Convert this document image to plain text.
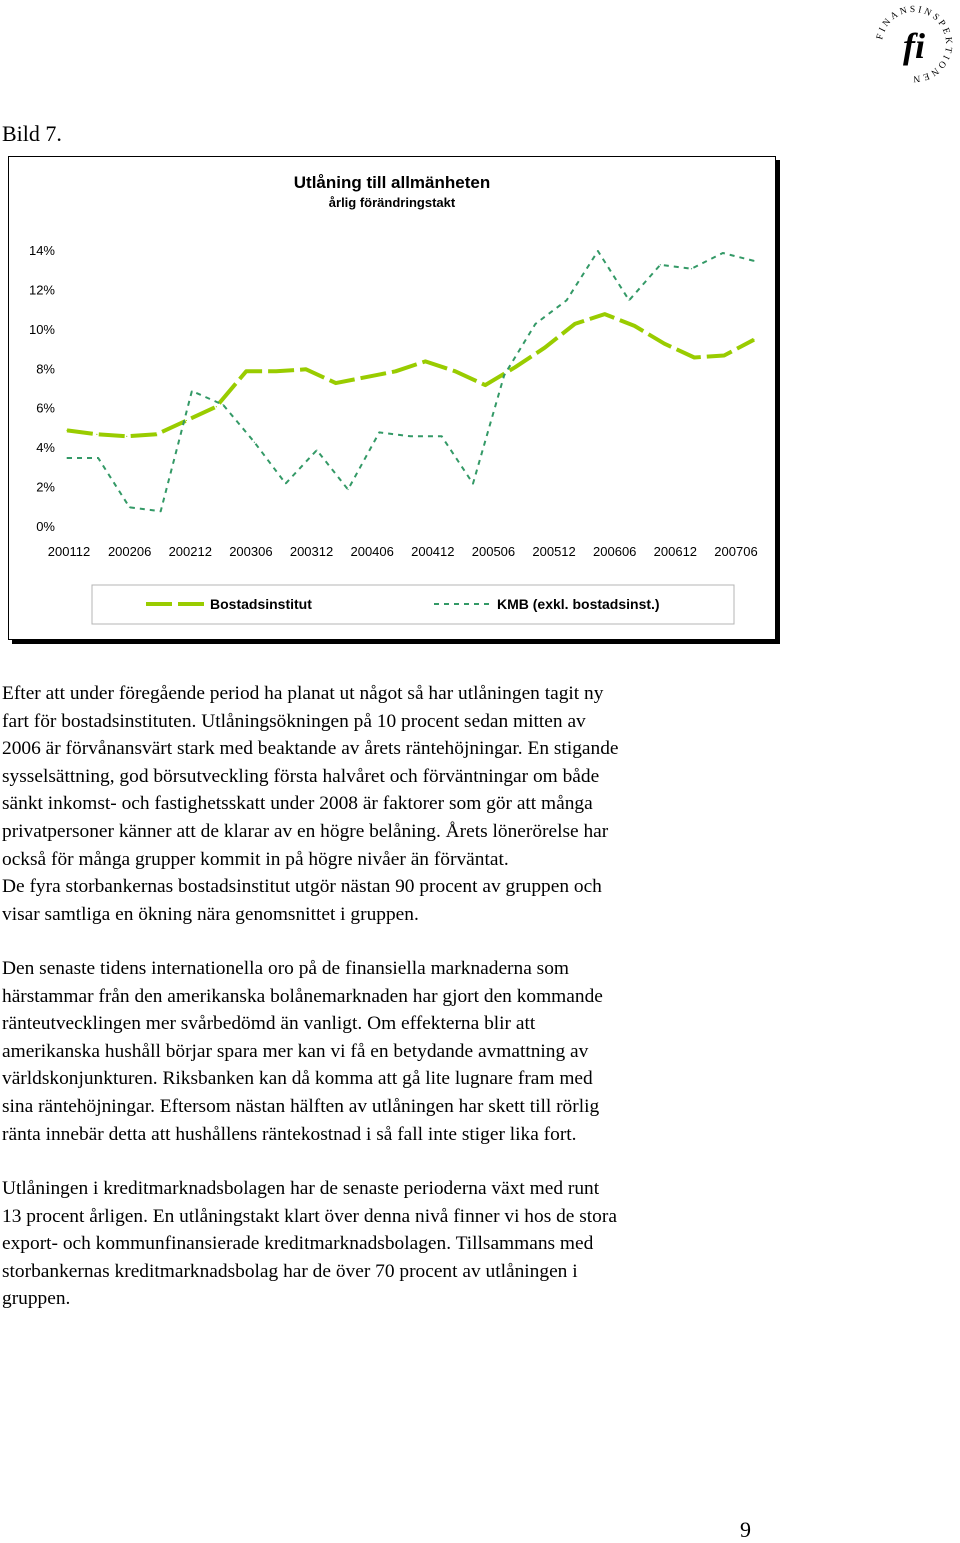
FINANSINSPEKTIONEN
fi
Bild 7.
Utlåning till allmänheten
årlig förändringstakt
0%
2%
4%
6%
8%
10%
12%
14%
200112 200206 200212 200306 200312 200406 200412 200506 200512 200606 200612 200706
Bostadsinstitut	KMB (exkl. bostadsinst.)

Efter att under föregående period ha planat ut något så har utlåningen tagit ny
fart för bostadsinstituten. Utlåningsökningen på 10 procent sedan mitten av
2006 är förvånansvärt stark med beaktande av årets räntehöjningar. En stigande
sysselsättning, god börsutveckling första halvåret och förväntningar om både
sänkt inkomst- och fastighetsskatt under 2008 är faktorer som gör att många
privatpersoner känner att de klarar av en högre belåning. Årets lönerörelse har
också för många grupper kommit in på högre nivåer än förväntat.
De fyra storbankernas bostadsinstitut utgör nästan 90 procent av gruppen och
visar samtliga en ökning nära genomsnittet i gruppen.

Den senaste tidens internationella oro på de finansiella marknaderna som
härstammar från den amerikanska bolånemarknaden har gjort den kommande
ränteutvecklingen mer svårbedömd än vanligt. Om effekterna blir att
amerikanska hushåll börjar spara mer kan vi få en betydande avmattning av
världskonjunkturen. Riksbanken kan då komma att gå lite lugnare fram med
sina räntehöjningar. Eftersom nästan hälften av utlåningen har skett till rörlig
ränta innebär detta att hushållens räntekostnad i så fall inte stiger lika fort.

Utlåningen i kreditmarknadsbolagen har de senaste perioderna växt med runt
13 procent årligen. En utlåningstakt klart över denna nivå finner vi hos de stora
export- och kommunfinansierade kreditmarknadsbolagen. Tillsammans med
storbankernas kreditmarknadsbolag har de över 70 procent av utlåningen i
gruppen.

9
